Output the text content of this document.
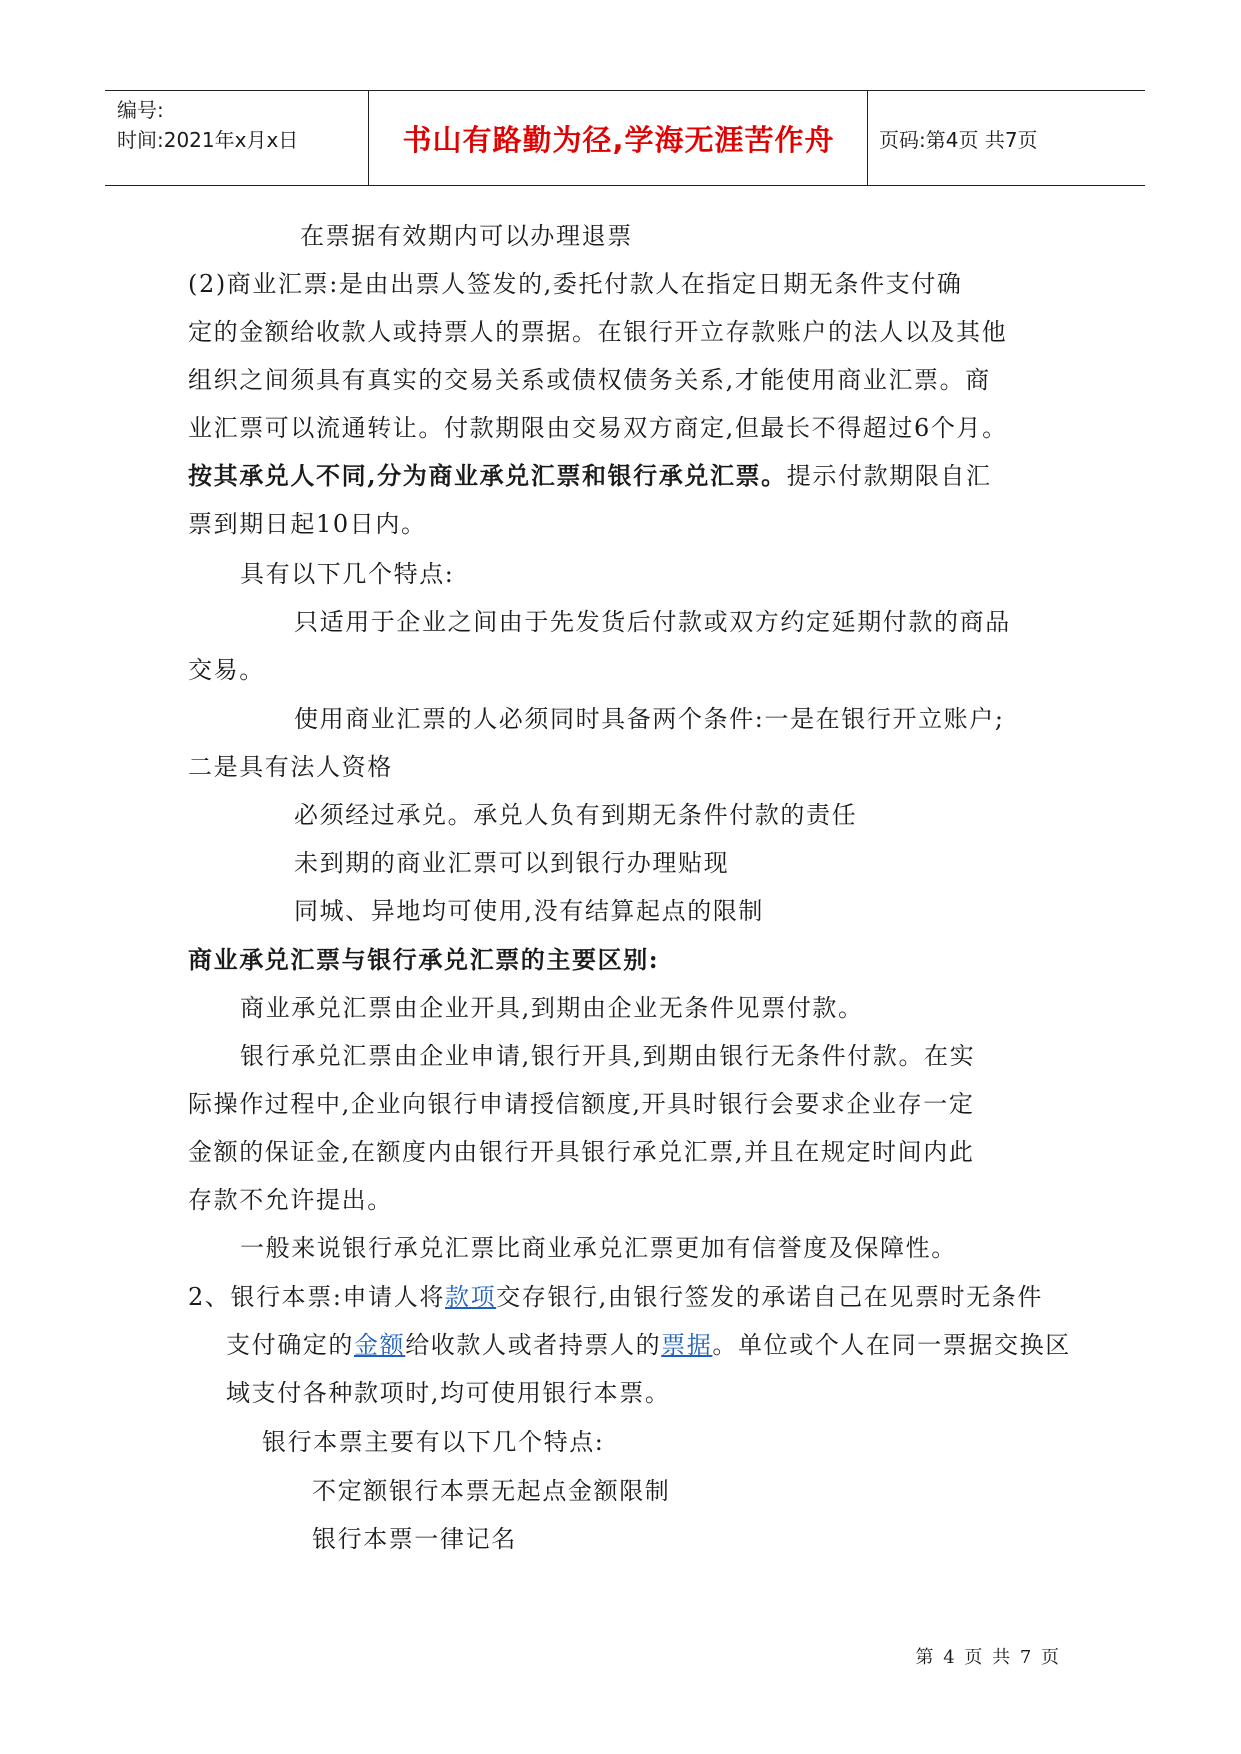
编号:
时间:2021年x月x日	书山有路勤为径,学海无涯苦作舟	页码:第4页 共7页

在票据有效期内可以办理退票

(2)商业汇票:是由出票人签发的,委托付款人在指定日期无条件支付确

定的金额给收款人或持票人的票据。在银行开立存款账户的法人以及其他

组织之间须具有真实的交易关系或债权债务关系,才能使用商业汇票。商

业汇票可以流通转让。付款期限由交易双方商定,但最长不得超过6个月。

按其承兑人不同,分为商业承兑汇票和银行承兑汇票。提示付款期限自汇

票到期日起10日内。

具有以下几个特点:

只适用于企业之间由于先发货后付款或双方约定延期付款的商品

交易。

使用商业汇票的人必须同时具备两个条件:一是在银行开立账户;

二是具有法人资格

必须经过承兑。承兑人负有到期无条件付款的责任

未到期的商业汇票可以到银行办理贴现

同城、异地均可使用,没有结算起点的限制

商业承兑汇票与银行承兑汇票的主要区别:

商业承兑汇票由企业开具,到期由企业无条件见票付款。

银行承兑汇票由企业申请,银行开具,到期由银行无条件付款。在实

际操作过程中,企业向银行申请授信额度,开具时银行会要求企业存一定

金额的保证金,在额度内由银行开具银行承兑汇票,并且在规定时间内此

存款不允许提出。

一般来说银行承兑汇票比商业承兑汇票更加有信誉度及保障性。

2、银行本票:申请人将款项交存银行,由银行签发的承诺自己在见票时无条件

支付确定的金额给收款人或者持票人的票据。单位或个人在同一票据交换区

域支付各种款项时,均可使用银行本票。

银行本票主要有以下几个特点:

不定额银行本票无起点金额限制

银行本票一律记名

第 4 页 共 7 页
